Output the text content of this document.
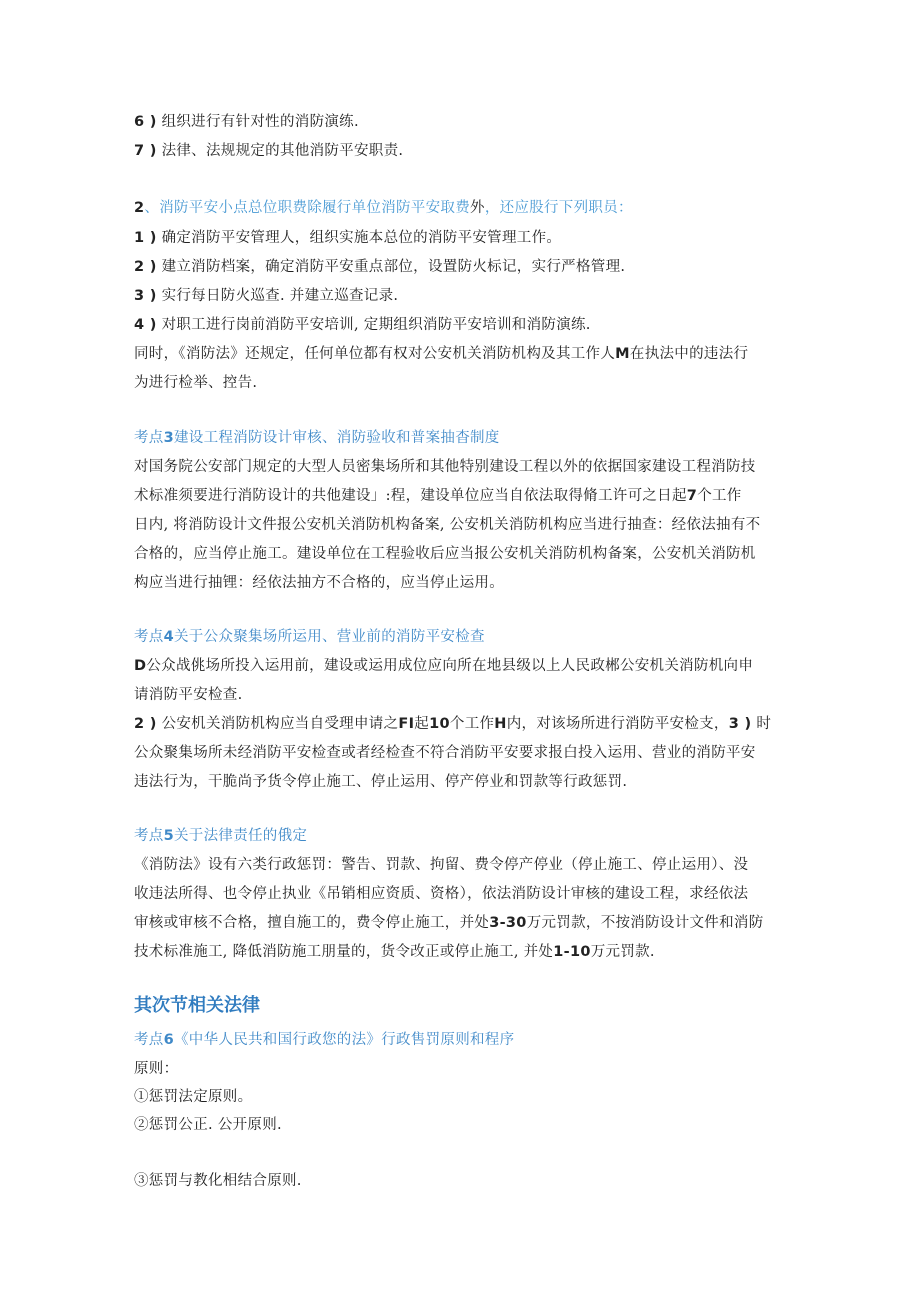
6 ) 组织进行有针对性的消防演练.
7 ) 法律、法规规定的其他消防平安职责.
2、消防平安小点总位职费除履行单位消防平安取费外，还应股行下列职员：
1 ) 确定消防平安管理人，组织实施本总位的消防平安管理工作。
2 ) 建立消防档案，确定消防平安重点部位，设置防火标记，实行严格管理.
3 ) 实行每日防火巡查. 并建立巡查记录.
4 ) 对职工进行岗前消防平安培训, 定期组织消防平安培训和消防演练.
同时，《消防法》还规定，任何单位都有权对公安机关消防机构及其工作人M在执法中的违法行
为进行检举、控告.
考点3建设工程消防设计审核、消防验收和普案抽杳制度
对国务院公安部门规定的大型人员密集场所和其他特别建设工程以外的依据国家建设工程消防技
术标准须要进行消防设计的共他建设」:程，建设单位应当自依法取得脩工许可之日起7个工作
日内, 将消防设计文件报公安机关消防机构备案, 公安机关消防机构应当进行抽查：经依法抽有不
合格的，应当停止施工。建设单位在工程验收后应当报公安机关消防机构备案，公安机关消防机
构应当进行抽锂：经依法抽方不合格的，应当停止运用。
考点4关于公众聚集场所运用、营业前的消防平安检查
D公众战佻场所投入运用前，建设或运用成位应向所在地县级以上人民政郴公安机关消防机向申
请消防平安检查.
2 ) 公安机关消防机构应当自受理申请之FI起10个工作H内，对该场所进行消防平安检支，3 ) 时
公众聚集场所未经消防平安检查或者经检查不符合消防平安要求报白投入运用、营业的消防平安
违法行为，干脆尚予货令停止施工、停止运用、停产停业和罚款等行政惩罚.
考点5关于法律责任的俄定
《消防法》设有六类行政惩罚：警告、罚款、拘留、费令停产停业（停止施工、停止运用）、没
收违法所得、也令停止执业《吊销相应资质、资格），依法消防设计审核的建设工程，求经依法
审核或审核不合格，擅自施工的，费令停止施工，并处3-30万元罚款，不按消防设计文件和消防
技术标准施工, 降低消防施工朋量的，货令改正或停止施工, 并处1-10万元罚款.
其次节相关法律
考点6《中华人民共和国行政您的法》行政售罚原则和程序
原则：
①惩罚法定原则。
②惩罚公正. 公开原则.
③惩罚与教化相结合原则.
